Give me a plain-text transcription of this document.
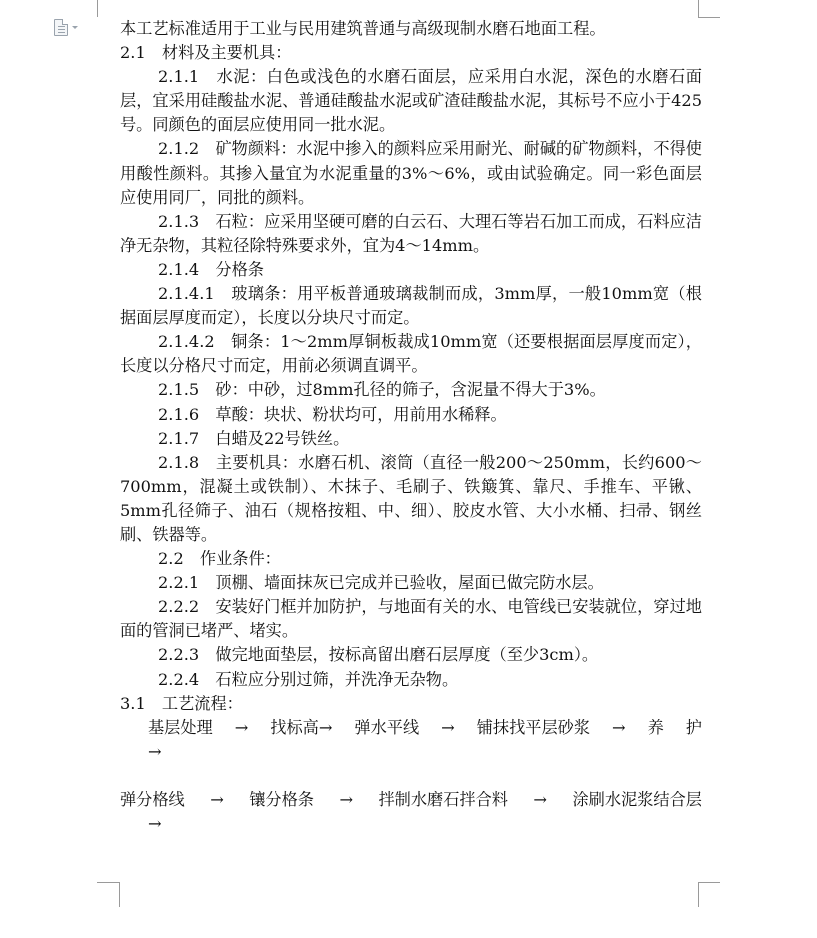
本工艺标准适用于工业与民用建筑普通与高级现制水磨石地面工程。

2.1　材料及主要机具：

2.1.1　水泥：白色或浅色的水磨石面层，应采用白水泥，深色的水磨石面层，宜采用硅酸盐水泥、普通硅酸盐水泥或矿渣硅酸盐水泥，其标号不应小于425号。同颜色的面层应使用同一批水泥。

2.1.2　矿物颜料：水泥中掺入的颜料应采用耐光、耐碱的矿物颜料，不得使用酸性颜料。其掺入量宜为水泥重量的3%～6%，或由试验确定。同一彩色面层应使用同厂，同批的颜料。

2.1.3　石粒：应采用坚硬可磨的白云石、大理石等岩石加工而成，石料应洁净无杂物，其粒径除特殊要求外，宜为4～14mm。

2.1.4　分格条

2.1.4.1　玻璃条：用平板普通玻璃裁制而成，3mm厚，一般10mm宽（根据面层厚度而定），长度以分块尺寸而定。

2.1.4.2　铜条：1～2mm厚铜板裁成10mm宽（还要根据面层厚度而定），长度以分格尺寸而定，用前必须调直调平。

2.1.5　砂：中砂，过8mm孔径的筛子，含泥量不得大于3%。

2.1.6　草酸：块状、粉状均可，用前用水稀释。

2.1.7　白蜡及22号铁丝。

2.1.8　主要机具：水磨石机、滚筒（直径一般200～250mm，长约600～700mm，混凝土或铁制）、木抹子、毛刷子、铁簸箕、靠尺、手推车、平锹、5mm孔径筛子、油石（规格按粗、中、细）、胶皮水管、大小水桶、扫帚、钢丝刷、铁器等。

2.2　作业条件：

2.2.1　顶棚、墙面抹灰已完成并已验收，屋面已做完防水层。

2.2.2　安装好门框并加防护，与地面有关的水、电管线已安装就位，穿过地面的管洞已堵严、堵实。

2.2.3　做完地面垫层，按标高留出磨石层厚度（至少3cm）。

2.2.4　石粒应分别过筛，并洗净无杂物。

3.1　工艺流程：

基层处理 → 找标高→ 弹水平线 → 铺抹找平层砂浆 → 养 护

→

弹分格线 → 镶分格条 → 拌制水磨石拌合料 → 涂刷水泥浆结合层

→
